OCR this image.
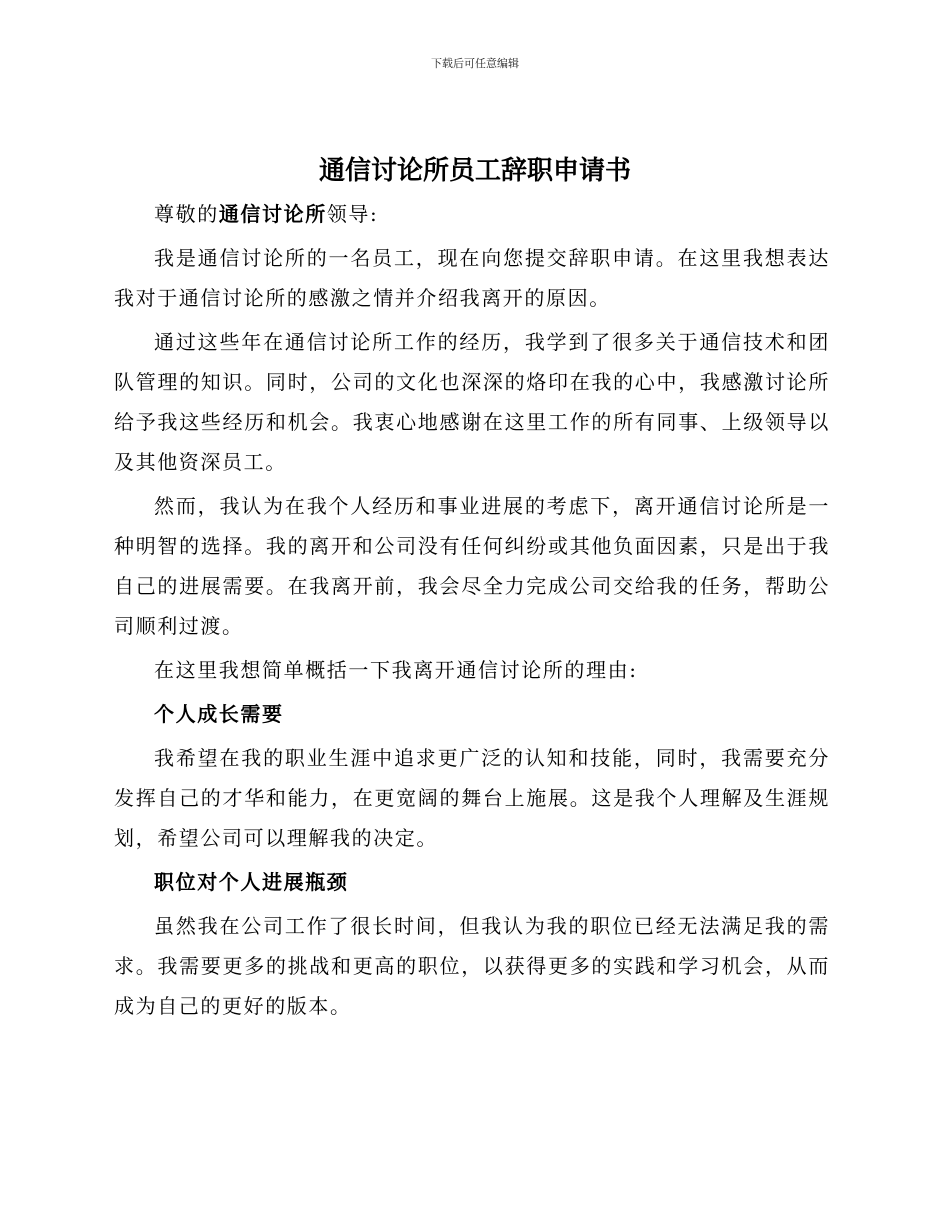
下载后可任意编辑
通信讨论所员工辞职申请书

尊敬的通信讨论所领导:

我是通信讨论所的一名员工，现在向您提交辞职申请。在这里我想表达我对于通信讨论所的感激之情并介绍我离开的原因。

通过这些年在通信讨论所工作的经历，我学到了很多关于通信技术和团队管理的知识。同时，公司的文化也深深的烙印在我的心中，我感激讨论所给予我这些经历和机会。我衷心地感谢在这里工作的所有同事、上级领导以及其他资深员工。

然而，我认为在我个人经历和事业进展的考虑下，离开通信讨论所是一种明智的选择。我的离开和公司没有任何纠纷或其他负面因素，只是出于我自己的进展需要。在我离开前，我会尽全力完成公司交给我的任务，帮助公司顺利过渡。

在这里我想简单概括一下我离开通信讨论所的理由:

个人成长需要

我希望在我的职业生涯中追求更广泛的认知和技能，同时，我需要充分发挥自己的才华和能力，在更宽阔的舞台上施展。这是我个人理解及生涯规划，希望公司可以理解我的决定。

职位对个人进展瓶颈

虽然我在公司工作了很长时间，但我认为我的职位已经无法满足我的需求。我需要更多的挑战和更高的职位，以获得更多的实践和学习机会，从而成为自己的更好的版本。
